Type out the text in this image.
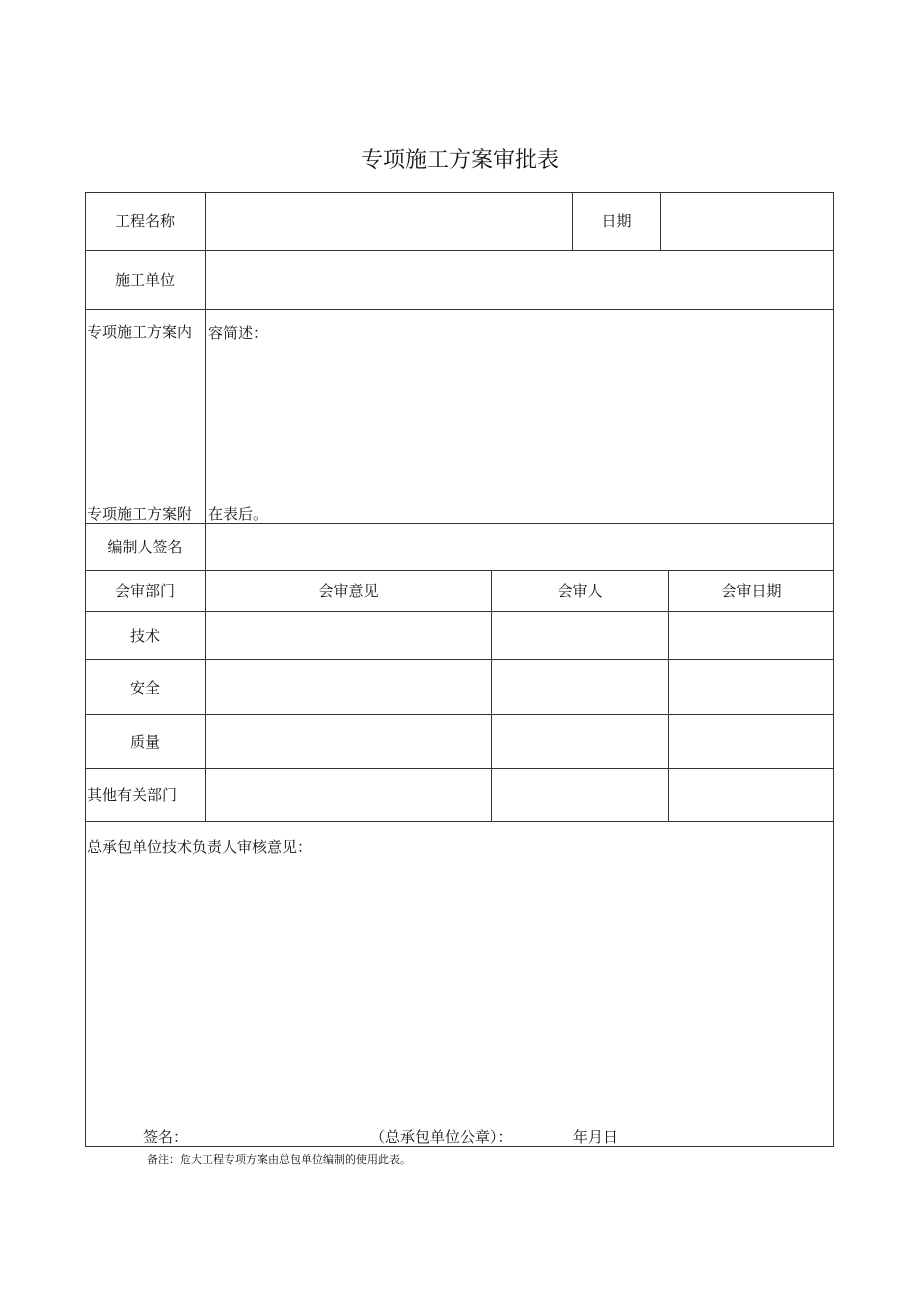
专项施工方案审批表
工程名称	日期
施工单位
专项施工方案内 容简述：
专项施工方案附 在表后。
编制人签名
会审部门	会审意见	会审人	会审日期
技术
安全
质量
其他有关部门
总承包单位技术负责人审核意见：
签名：	（总承包单位公章）：	年月日
备注：危大工程专项方案由总包单位编制的使用此表。
